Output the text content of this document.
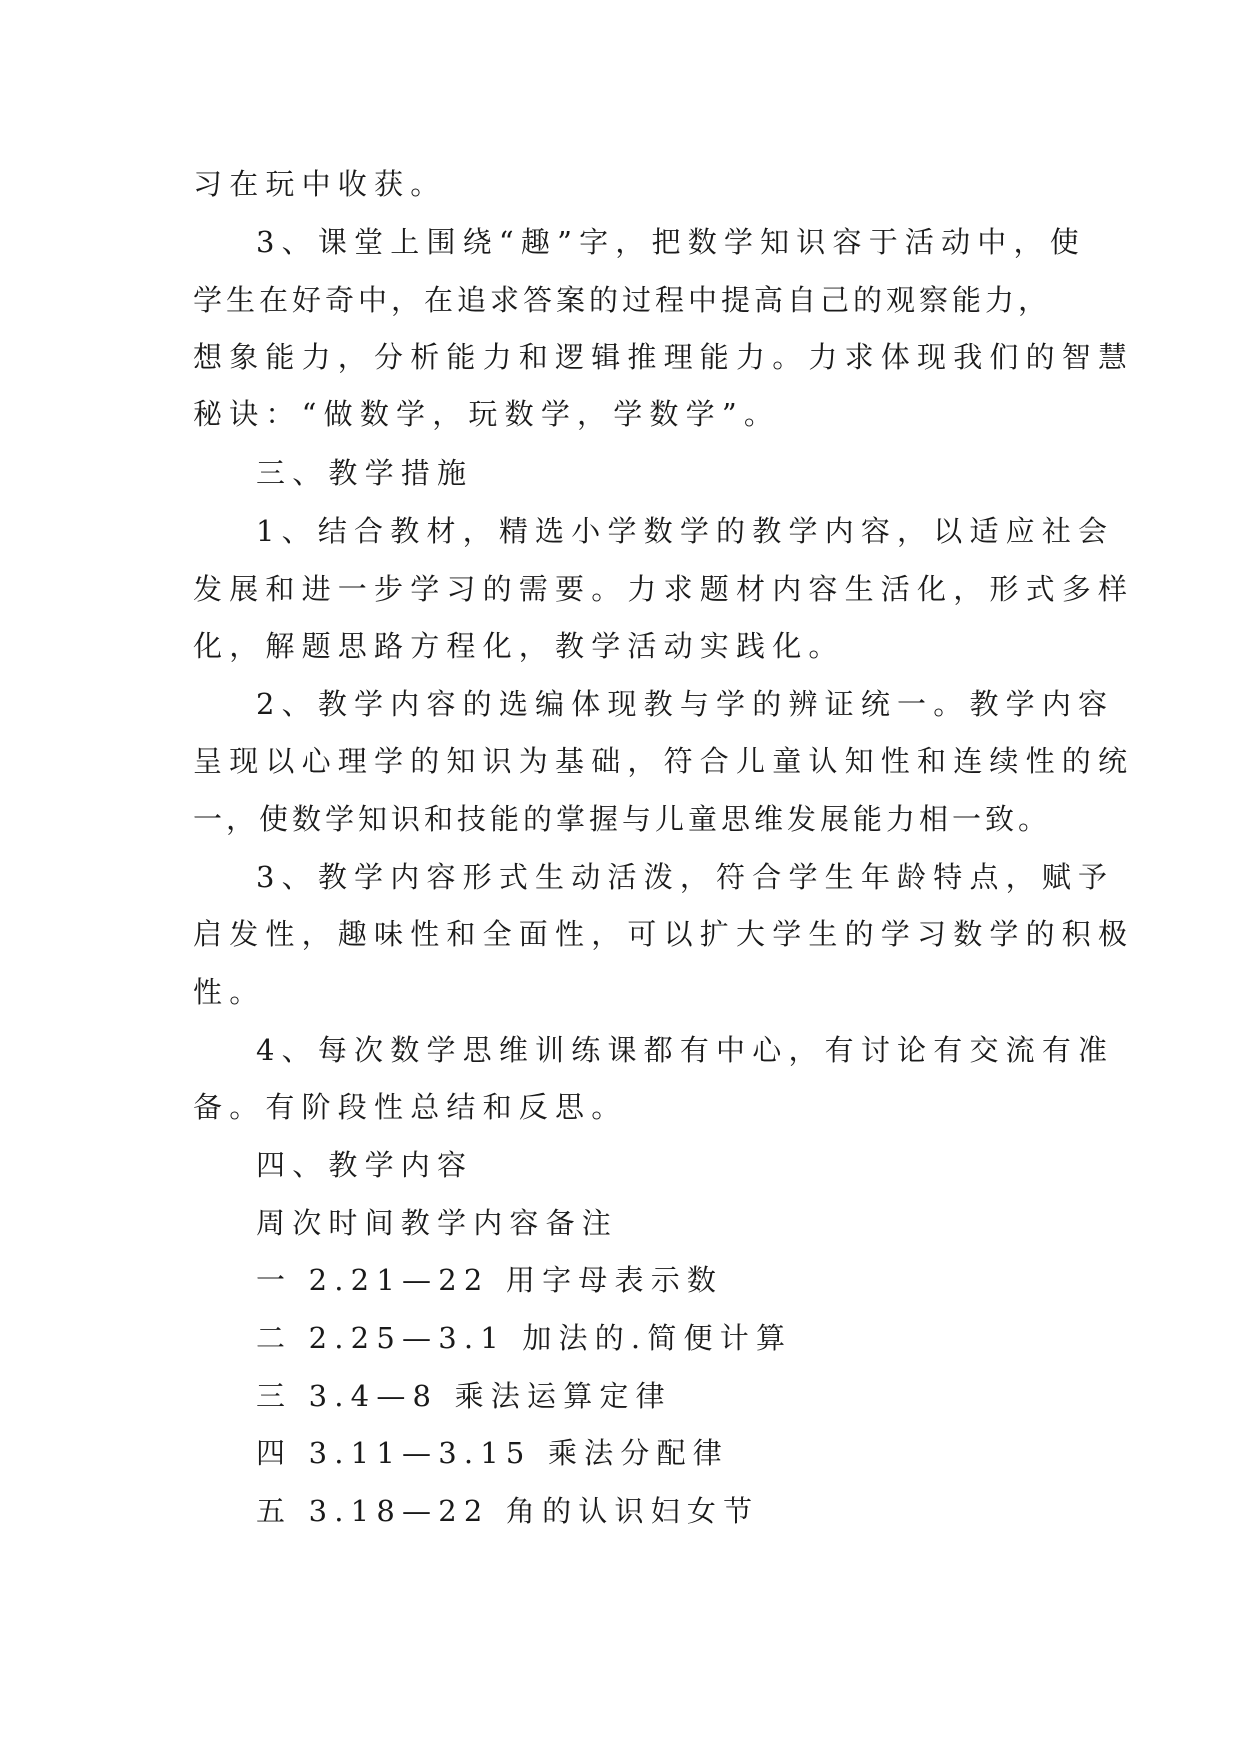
习在玩中收获。
3、课堂上围绕“趣”字，把数学知识容于活动中，使
学生在好奇中，在追求答案的过程中提高自己的观察能力，
想象能力，分析能力和逻辑推理能力。力求体现我们的智慧
秘诀：“做数学，玩数学，学数学”。
三、教学措施
1、结合教材，精选小学数学的教学内容，以适应社会
发展和进一步学习的需要。力求题材内容生活化，形式多样
化，解题思路方程化，教学活动实践化。
2、教学内容的选编体现教与学的辨证统一。教学内容
呈现以心理学的知识为基础，符合儿童认知性和连续性的统
一，使数学知识和技能的掌握与儿童思维发展能力相一致。
3、教学内容形式生动活泼，符合学生年龄特点，赋予
启发性，趣味性和全面性，可以扩大学生的学习数学的积极
性。
4、每次数学思维训练课都有中心，有讨论有交流有准
备。有阶段性总结和反思。
四、教学内容
周次时间教学内容备注
一 2.21—22 用字母表示数
二 2.25—3.1 加法的.简便计算
三 3.4—8 乘法运算定律
四 3.11—3.15 乘法分配律
五 3.18—22 角的认识妇女节
